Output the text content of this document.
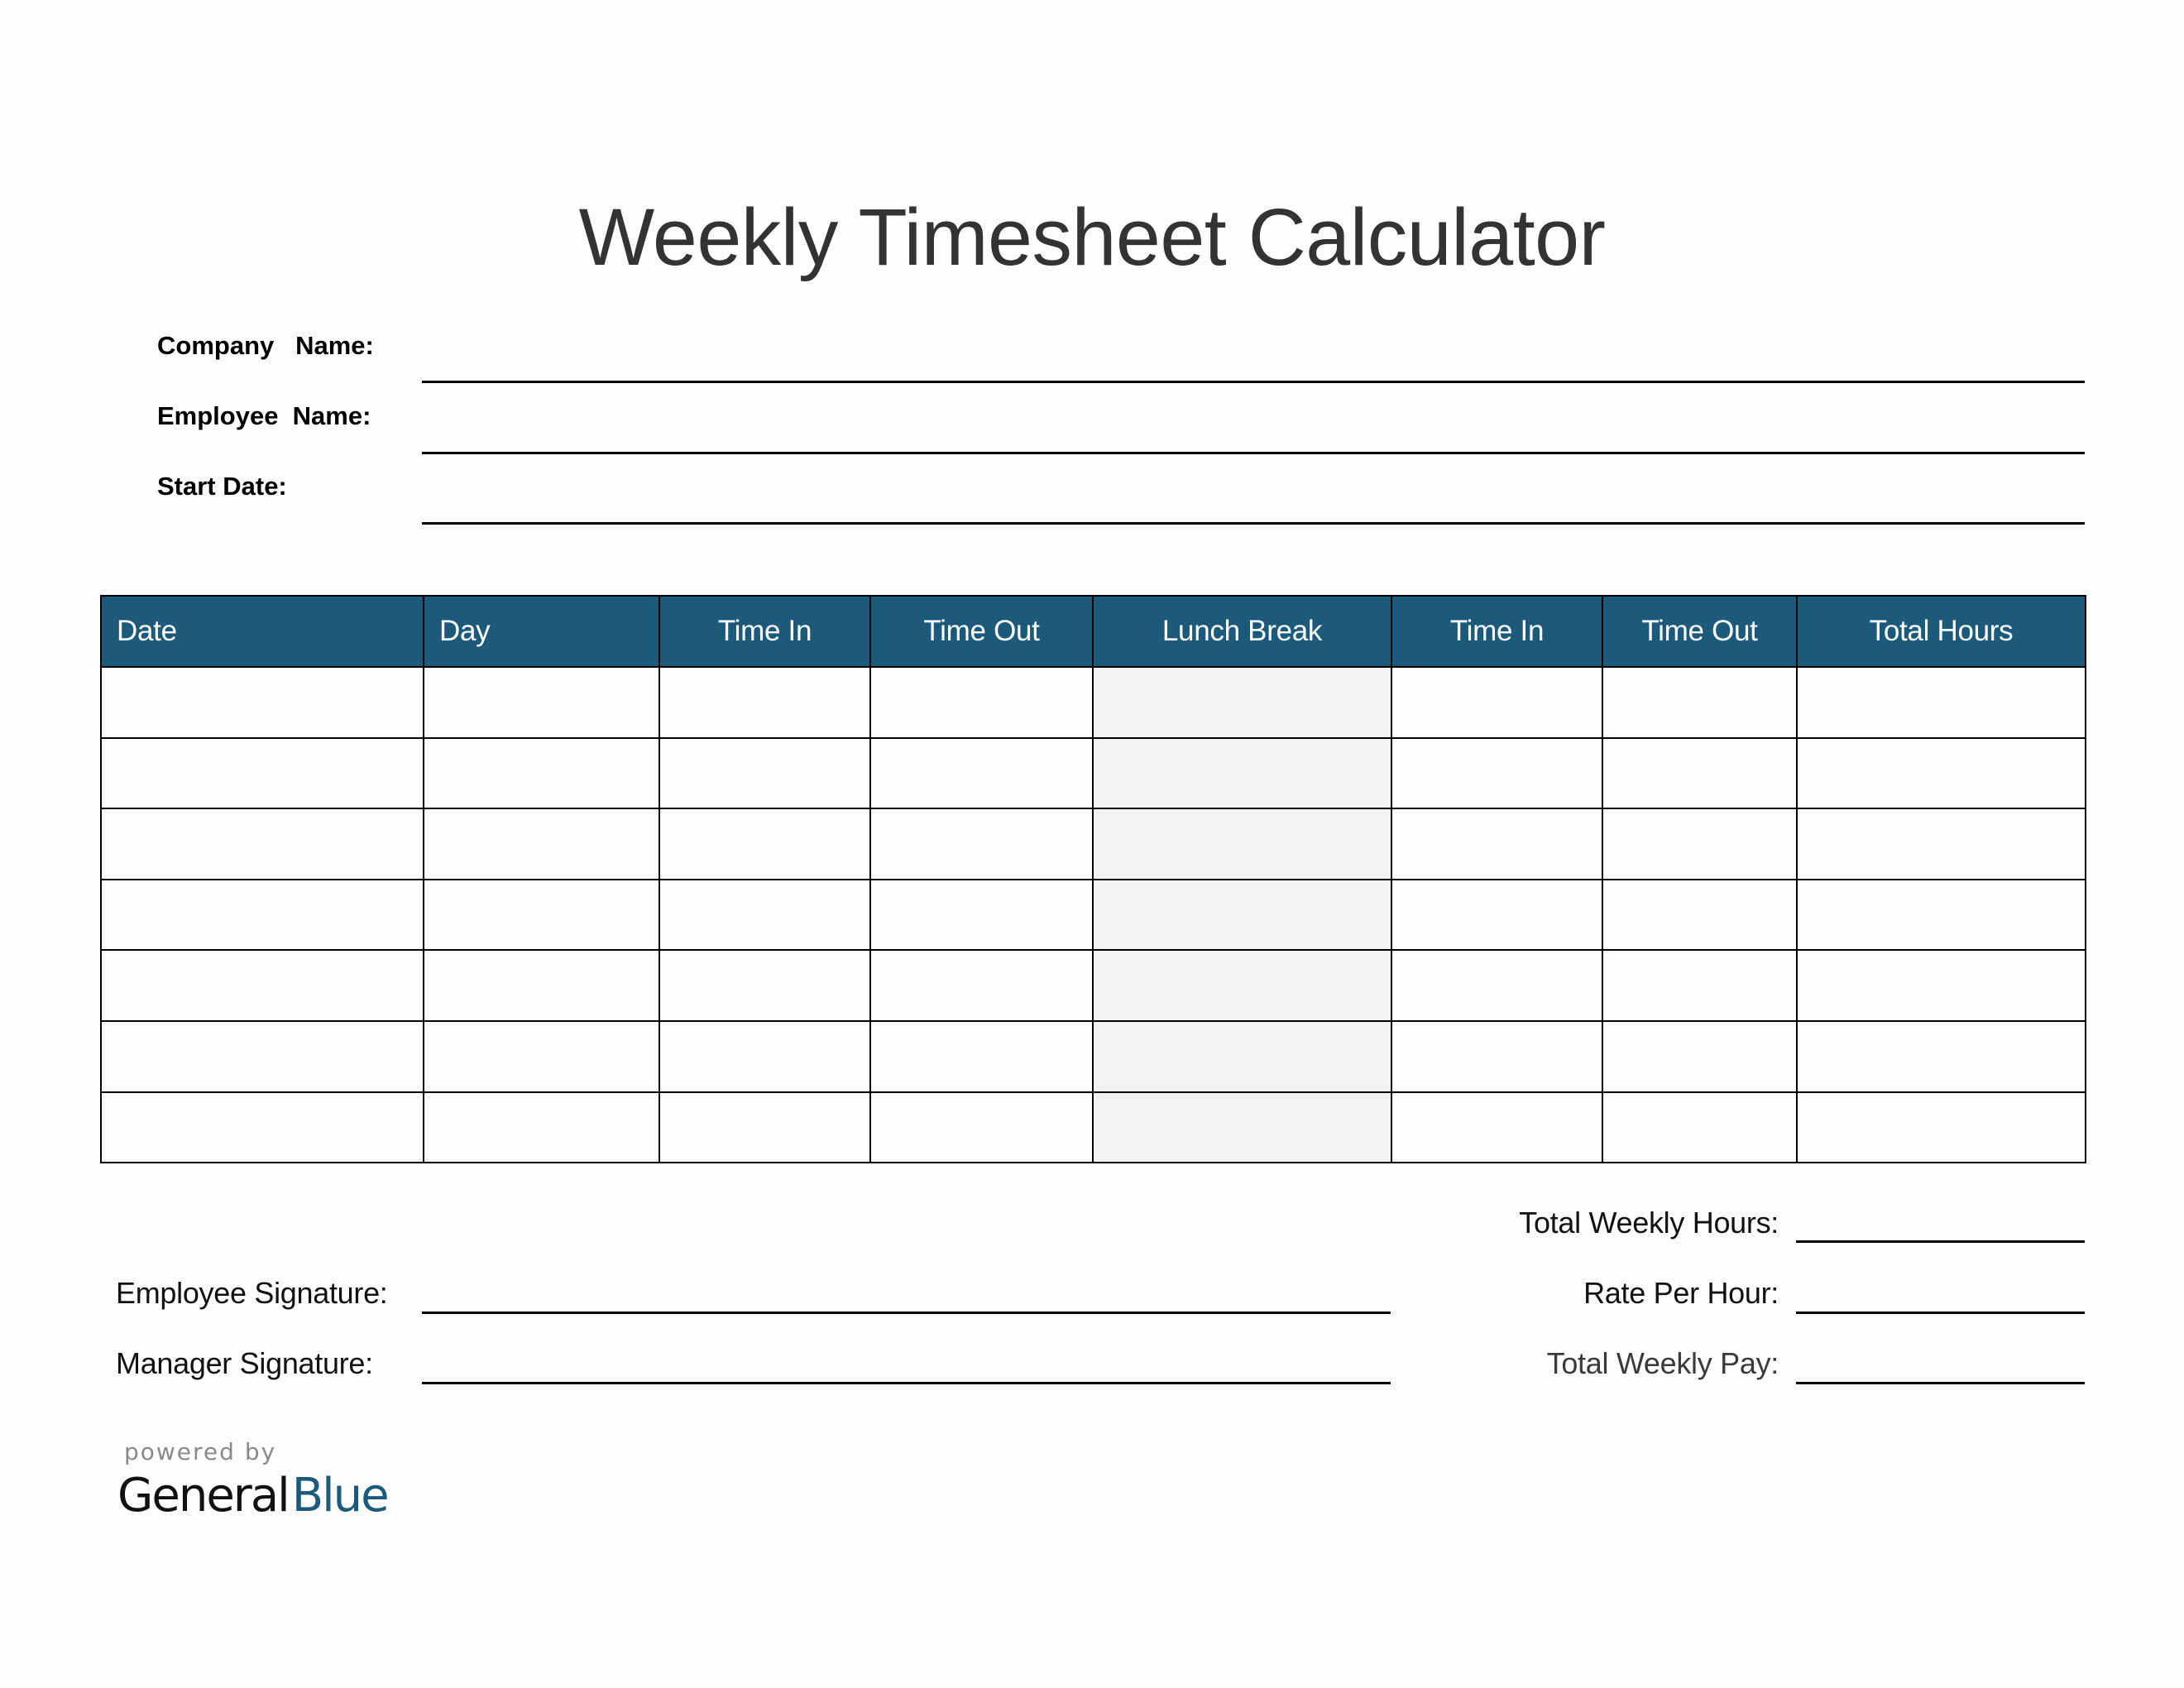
Weekly Timesheet Calculator
Company   Name:
Employee  Name:
Start Date:
Date	Day	Time In	Time Out	Lunch Break	Time In	Time Out	Total Hours

Total Weekly Hours:
Rate Per Hour:
Total Weekly Pay:
Employee Signature:
Manager Signature:
powered by
GeneralBlue
